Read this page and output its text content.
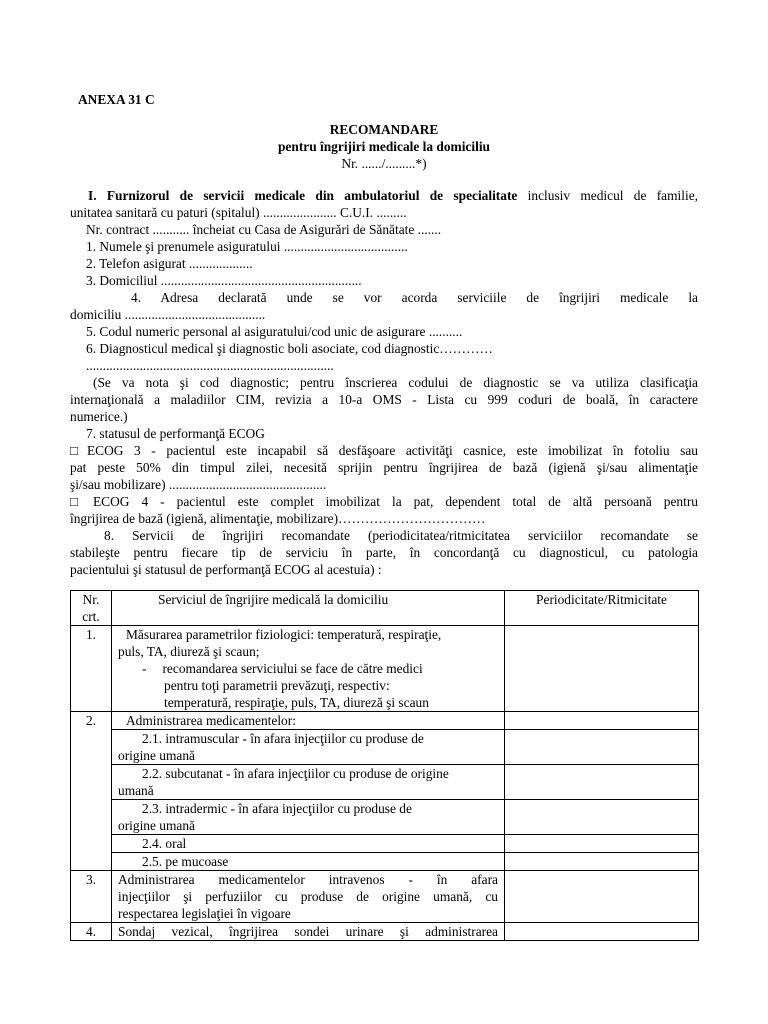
ANEXA 31 C
RECOMANDARE
pentru îngrijiri medicale la domiciliu
Nr. ....../.........*)
I. Furnizorul de servicii medicale din ambulatoriul de specialitate inclusiv medicul de familie,
unitatea sanitară cu paturi (spitalul) ...................... C.U.I. .........
Nr. contract ........... încheiat cu Casa de Asigurări de Sănătate .......
1. Numele şi prenumele asiguratului .....................................
2. Telefon asigurat ...................
3. Domiciliul ............................................................
4. Adresa declarată unde se vor acorda serviciile de îngrijiri medicale la
domiciliu ..........................................
5. Codul numeric personal al asiguratului/cod unic de asigurare ..........
6. Diagnosticul medical şi diagnostic boli asociate, cod diagnostic…………
..........................................................................
(Se va nota şi cod diagnostic; pentru înscrierea codului de diagnostic se va utiliza clasificaţia
internaţională a maladiilor CIM, revizia a 10-a OMS - Lista cu 999 coduri de boală, în caractere
numerice.)
7. statusul de performanţă ECOG
□ ECOG 3 - pacientul este incapabil să desfăşoare activităţi casnice, este imobilizat în fotoliu sau
pat peste 50% din timpul zilei, necesită sprijin pentru îngrijirea de bază (igienă şi/sau alimentaţie
şi/sau mobilizare) ...............................................
□ ECOG 4 - pacientul este complet imobilizat la pat, dependent total de altă persoană pentru
îngrijirea de bază (igienă, alimentaţie, mobilizare)……………………………
8. Servicii de îngrijiri recomandate (periodicitatea/ritmicitatea serviciilor recomandate se
stabileşte pentru fiecare tip de serviciu în parte, în concordanţă cu diagnosticul, cu patologia
pacientului şi statusul de performanţă ECOG al acestuia) :
Nr.
crt.	Serviciul de îngrijire medicală la domiciliu	Periodicitate/Ritmicitate
1.	Măsurarea parametrilor fiziologici: temperatură, respiraţie,
puls, TA, diureză şi scaun;
- recomandarea serviciului se face de către medici
pentru toţi parametrii prevăzuţi, respectiv:
temperatură, respiraţie, puls, TA, diureză şi scaun	

2.	Administrarea medicamentelor:	

	2.1. intramuscular - în afara injecţiilor cu produse de
origine umană	

	2.2. subcutanat - în afara injecţiilor cu produse de origine
umană	

	2.3. intradermic - în afara injecţiilor cu produse de
origine umană	

	2.4. oral	
	2.5. pe mucoase	
3.	Administrarea medicamentelor intravenos - în afara
injecţiilor şi perfuziilor cu produse de origine umană, cu
respectarea legislaţiei în vigoare	

4.	Sondaj vezical, îngrijirea sondei urinare şi administrarea	
